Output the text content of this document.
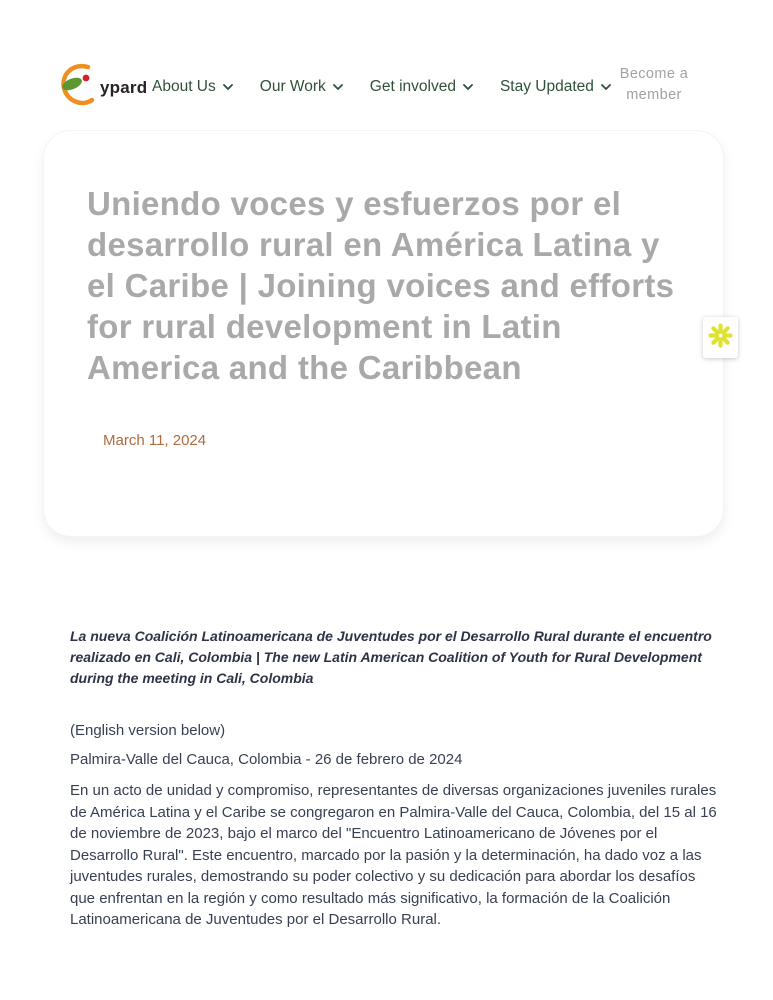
ypard About Us	Our Work	Get involved	Stay Updated
Become a member
Uniendo voces y esfuerzos por el
desarrollo rural en América Latina y
el Caribe | Joining voices and efforts
for rural development in Latin
America and the Caribbean
March 11, 2024

La nueva Coalición Latinoamericana de Juventudes por el Desarrollo Rural durante el encuentro realizado en Cali, Colombia | The new Latin American Coalition of Youth for Rural Development during the meeting in Cali, Colombia

(English version below)

Palmira-Valle del Cauca, Colombia - 26 de febrero de 2024

En un acto de unidad y compromiso, representantes de diversas organizaciones juveniles rurales de América Latina y el Caribe se congregaron en Palmira-Valle del Cauca, Colombia, del 15 al 16 de noviembre de 2023, bajo el marco del "Encuentro Latinoamericano de Jóvenes por el Desarrollo Rural". Este encuentro, marcado por la pasión y la determinación, ha dado voz a las juventudes rurales, demostrando su poder colectivo y su dedicación para abordar los desafíos que enfrentan en la región y como resultado más significativo, la formación de la Coalición Latinoamericana de Juventudes por el Desarrollo Rural.
